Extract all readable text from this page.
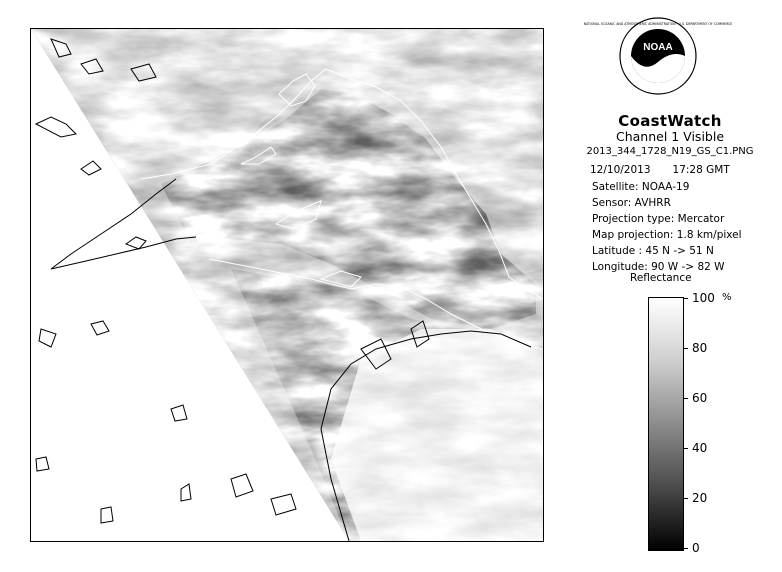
NOAA
NATIONAL OCEANIC AND ATMOSPHERIC ADMINISTRATION · U.S. DEPARTMENT OF COMMERCE
CoastWatch
Channel 1 Visible
2013_344_1728_N19_GS_C1.PNG
12/10/2013 17:28 GMT
Satellite: NOAA-19
Sensor: AVHRR
Projection type: Mercator
Map projection: 1.8 km/pixel
Latitude : 45 N -> 51 N
Longitude: 90 W -> 82 W
Reflectance
%
100
80
60
40
20
0
